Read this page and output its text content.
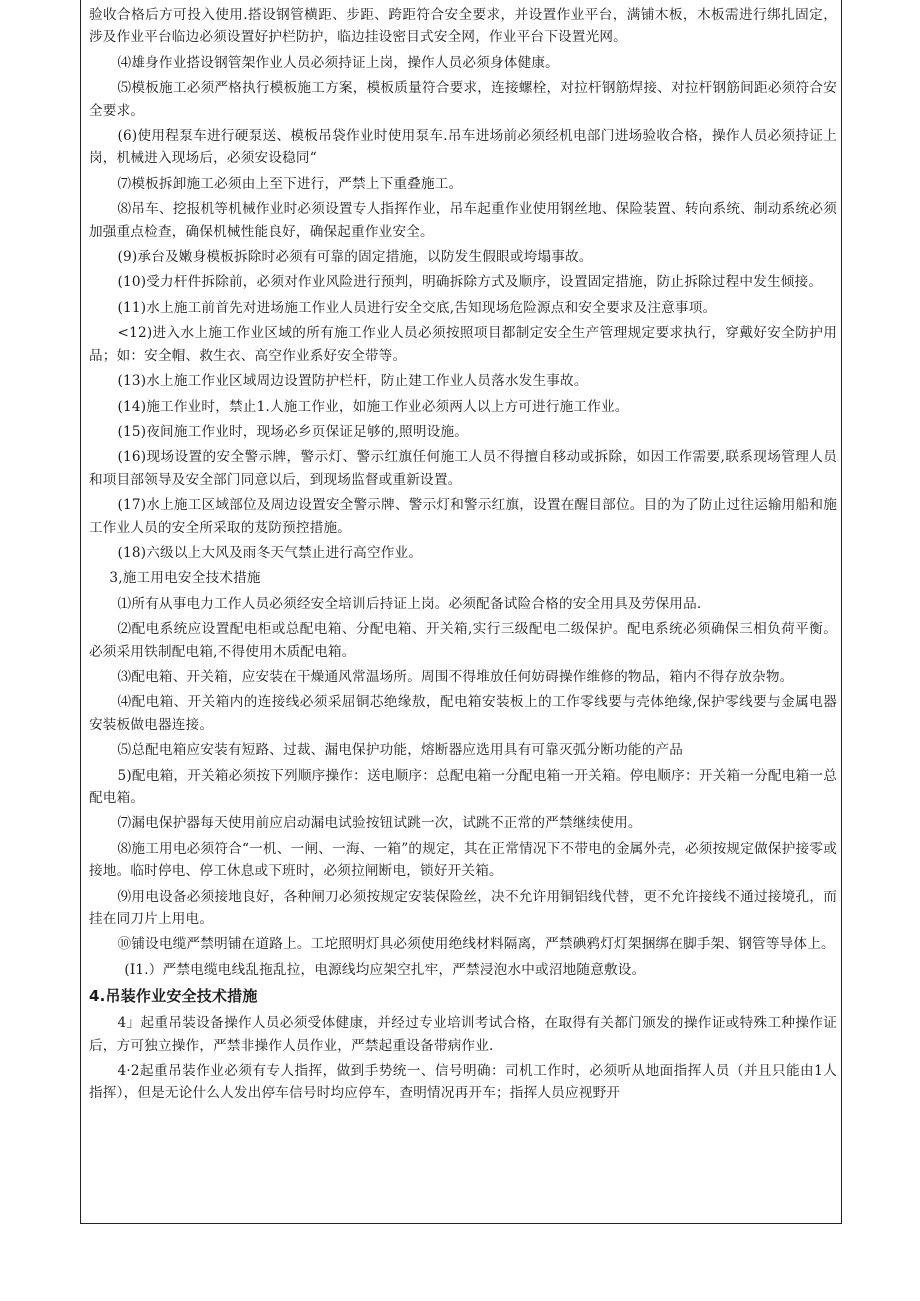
验收合格后方可投入使用.搭设钢管横距、步距、跨距符合安全要求，并设置作业平台，满铺木板，木板需进行绑扎固定，涉及作业平台临边必须设置好护栏防护，临边挂设密目式安全网，作业平台下设置光网。

⑷雄身作业搭设钢管架作业人员必须持证上岗，操作人员必须身体健康。

⑸模板施工必须严格执行模板施工方案，模板质量符合要求，连接螺栓，对拉杆钢筋焊接、对拉杆钢筋间距必须符合安全要求。

(6)使用程泵车进行硬泵送、模板吊袋作业时使用泵车.吊车进场前必须经机电部门进场验收合格，操作人员必须持证上岗，机械进入现场后，必须安设稳同“

⑺模板拆卸施工必须由上至下进行，严禁上下重叠施工。

⑻吊车、挖报机等机械作业时必须设置专人指挥作业，吊车起重作业使用钢丝地、保险装置、转向系统、制动系统必须加强重点检查，确保机械性能良好，确保起重作业安全。

(9)承台及嫩身模板拆除时必须有可靠的固定措施，以防发生假眼或垮塌事故。

(10)受力杆件拆除前，必须对作业风险进行预判，明确拆除方式及顺序，设置固定措施，防止拆除过程中发生倾接。

(11)水上施工前首先对进场施工作业人员进行安全交底,吿知现场危险源点和安全要求及注意事项。

<12)进入水上施工作业区域的所有施工作业人员必须按照项目都制定安全生产管理规定要求执行，穿戴好安全防护用品；如：安全帽、救生衣、高空作业系好安全带等。

(13)水上施工作业区域周边设置防护栏杆，防止建工作业人员落水发生事故。

(14)施工作业时，禁止1.人施工作业，如施工作业必须两人以上方可进行施工作业。

(15)夜间施工作业时，现场必乡页保证足够的,照明设施。

(16)现场设置的安全警示牌，警示灯、警示红旗任何施工人员不得擅自移动或拆除，如因工作需要,联系现场管理人员和项目部领导及安全部门同意以后，到现场监督或重新设置。

(17)水上施工区域部位及周边设置安全警示牌、警示灯和警示红旗，设置在醒目部位。目的为了防止过往运输用船和施工作业人员的安全所采取的芨防预控措施。

(18)六级以上大风及雨冬天气禁止进行高空作业。

3,施工用电安全技术措施

⑴所有从事电力工作人员必须经安全培训后持证上岗。必须配备试险合格的安全用具及劳保用品.

⑵配电系统应设置配电柜或总配电箱、分配电箱、开关箱,实行三级配电二级保护。配电系统必须确保三相负荷平衡。必须采用铁制配电箱,不得使用木质配电箱。

⑶配电箱、开关箱，应安装在干燥通风常温场所。周围不得堆放任何妨碍操作维修的物品，箱内不得存放杂物。

⑷配电箱、开关箱内的连接线必须采屈铜芯绝缘敖，配电箱安装板上的工作零线要与壳体绝缘,保护零线要与金属电器安装板做电器连接。

⑸总配电箱应安装有短路、过裁、漏电保护功能，熔断器应选用具有可靠灭弧分断功能的产品

5)配电箱，开关箱必须按下列顺序操作：送电顺序：总配电箱一分配电箱一开关箱。停电顺序：开关箱一分配电箱一总配电箱。

⑺漏电保护器每天使用前应启动漏电试验按钮试跳一次，试跳不正常的严禁继续使用。

⑻施工用电必须符合“一机、一闸、一海、一箱”的规定，其在正常情况下不带电的金属外壳，必须按规定做保护接零或接地。临时停电、停工休息或下班时，必须拉闸断电，锁好开关箱。

⑼用电设备必须接地良好，各种闸刀必须按规定安装保险丝，决不允许用铜铝线代替，更不允许接线不通过接境孔，而挂在同刀片上用电。

⑩铺设电缆严禁明铺在道路上。工坨照明灯具必须使用绝线材料隔离，严禁碘鸦灯灯架捆绑在脚手架、钢管等导体上。

(I1.）严禁电缆电线乱拖乱拉，电源线均应架空扎牢，严禁浸泡水中或沼地随意敷设。

4.吊装作业安全技术措施

4」起重吊装设备操作人员必须受体健康，并经过专业培训考试合格，在取得有关都门颁发的操作证或特殊工种操作证后，方可独立操作，严禁非操作人员作业，严禁起重设备带病作业.

4·2起重吊装作业必须有专人指挥，做到手势统一、信号明确：司机工作时，必须听从地面指挥人员（并且只能由1人指挥），但是无论什么人发出停车信号时均应停车，查明情况再开车；指挥人员应视野开
